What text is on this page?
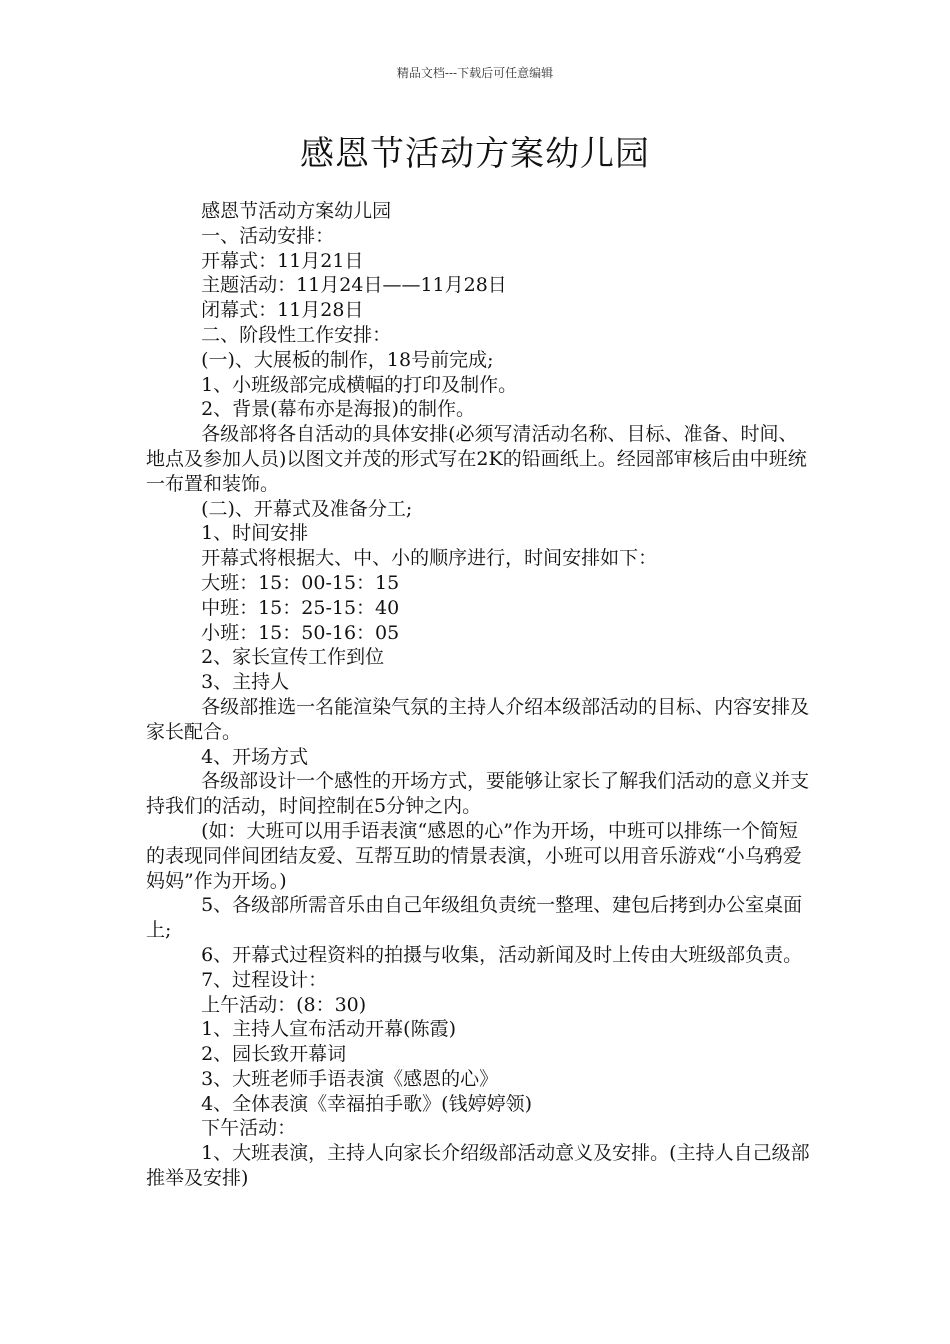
精品文档---下载后可任意编辑
感恩节活动方案幼儿园

感恩节活动方案幼儿园

一、活动安排：

开幕式：11月21日

主题活动：11月24日——11月28日

闭幕式：11月28日

二、阶段性工作安排：

(一)、大展板的制作，18号前完成;

1、小班级部完成横幅的打印及制作。

2、背景(幕布亦是海报)的制作。

各级部将各自活动的具体安排(必须写清活动名称、目标、准备、时间、地点及参加人员)以图文并茂的形式写在2K的铅画纸上。经园部审核后由中班统一布置和装饰。

(二)、开幕式及准备分工;

1、时间安排

开幕式将根据大、中、小的顺序进行，时间安排如下：

大班：15：00-15：15

中班：15：25-15：40

小班：15：50-16：05

2、家长宣传工作到位

3、主持人

各级部推选一名能渲染气氛的主持人介绍本级部活动的目标、内容安排及家长配合。

4、开场方式

各级部设计一个感性的开场方式，要能够让家长了解我们活动的意义并支持我们的活动，时间控制在5分钟之内。

(如：大班可以用手语表演“感恩的心”作为开场，中班可以排练一个简短的表现同伴间团结友爱、互帮互助的情景表演，小班可以用音乐游戏“小乌鸦爱妈妈”作为开场。)

5、各级部所需音乐由自己年级组负责统一整理、建包后拷到办公室桌面上;

6、开幕式过程资料的拍摄与收集，活动新闻及时上传由大班级部负责。

7、过程设计：

上午活动：(8：30)

1、主持人宣布活动开幕(陈霞)

2、园长致开幕词

3、大班老师手语表演《感恩的心》

4、全体表演《幸福拍手歌》(钱婷婷领)

下午活动：

1、大班表演，主持人向家长介绍级部活动意义及安排。(主持人自己级部推举及安排)
